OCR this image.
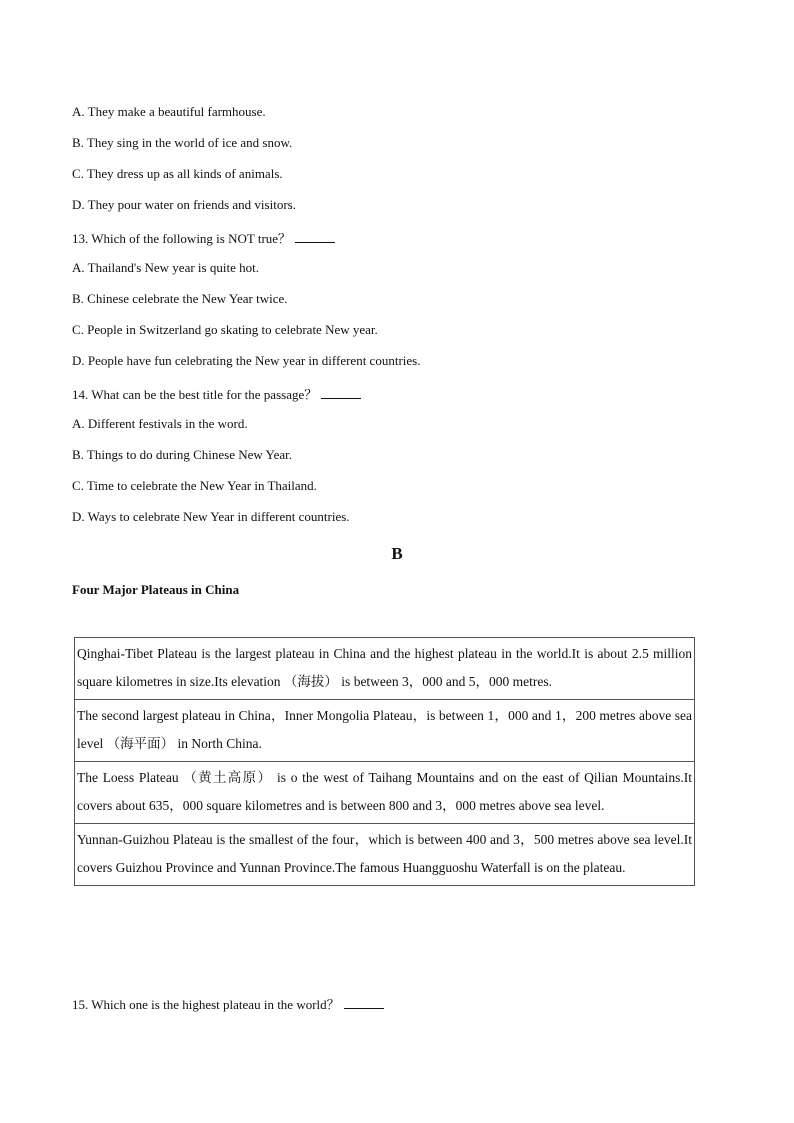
A. They make a beautiful farmhouse.
B. They sing in the world of ice and snow.
C. They dress up as all kinds of animals.
D. They pour water on friends and visitors.
13. Which of the following is NOT true？
A. Thailand's New year is quite hot.
B. Chinese celebrate the New Year twice.
C. People in Switzerland go skating to celebrate New year.
D. People have fun celebrating the New year in different countries.
14. What can be the best title for the passage？
A. Different festivals in the word.
B. Things to do during Chinese New Year.
C. Time to celebrate the New Year in Thailand.
D. Ways to celebrate New Year in different countries.
B
Four Major Plateaus in China
Qinghai-Tibet Plateau is the largest plateau in China and the highest plateau in the world.It is about 2.5 million square kilometres in size.Its elevation （海拔） is between 3，000 and 5，000 metres.
The second largest plateau in China，Inner Mongolia Plateau，is between 1，000 and 1，200 metres above sea level （海平面） in North China.
The Loess Plateau （黄土高原） is o the west of Taihang Mountains and on the east of Qilian Mountains.It covers about 635，000 square kilometres and is between 800 and 3，000 metres above sea level.
Yunnan-Guizhou Plateau is the smallest of the four，which is between 400 and 3，500 metres above sea level.It covers Guizhou Province and Yunnan Province.The famous Huangguoshu Waterfall is on the plateau.
15. Which one is the highest plateau in the world？
